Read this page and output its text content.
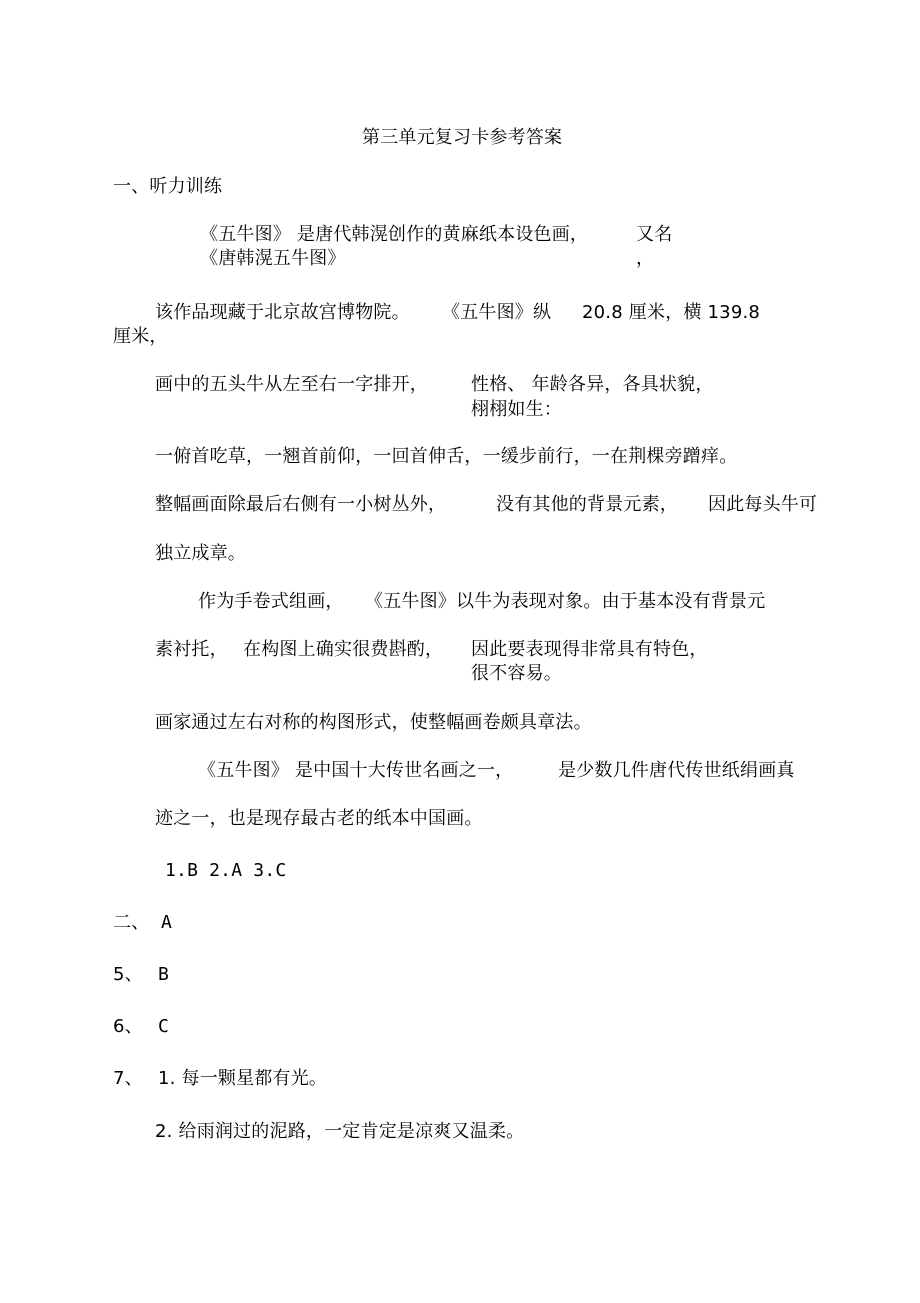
第三单元复习卡参考答案
一、听力训练
《五牛图》 是唐代韩滉创作的黄麻纸本设色画，	又名
《唐韩滉五牛图》	，
该作品现藏于北京故宫博物院。 《五牛图》纵 20.8 厘米，横 139.8
厘米，
画中的五头牛从左至右一字排开， 性格、 年龄各异，各具状貌，
栩栩如生：
一俯首吃草，一翘首前仰，一回首伸舌，一缓步前行，一在荆棵旁蹭痒。
整幅画面除最后右侧有一小树丛外，	没有其他的背景元素， 因此每头牛可
独立成章。
作为手卷式组画， 《五牛图》以牛为表现对象。由于基本没有背景元
素衬托， 在构图上确实很费斟酌， 因此要表现得非常具有特色，
很不容易。
画家通过左右对称的构图形式，使整幅画卷颇具章法。
《五牛图》 是中国十大传世名画之一， 是少数几件唐代传世纸绢画真
迹之一，也是现存最古老的纸本中国画。
1.B 2.A 3.C
二、 A
5、 B
6、 C
7、 1. 每一颗星都有光。
2. 给雨润过的泥路，一定肯定是凉爽又温柔。
